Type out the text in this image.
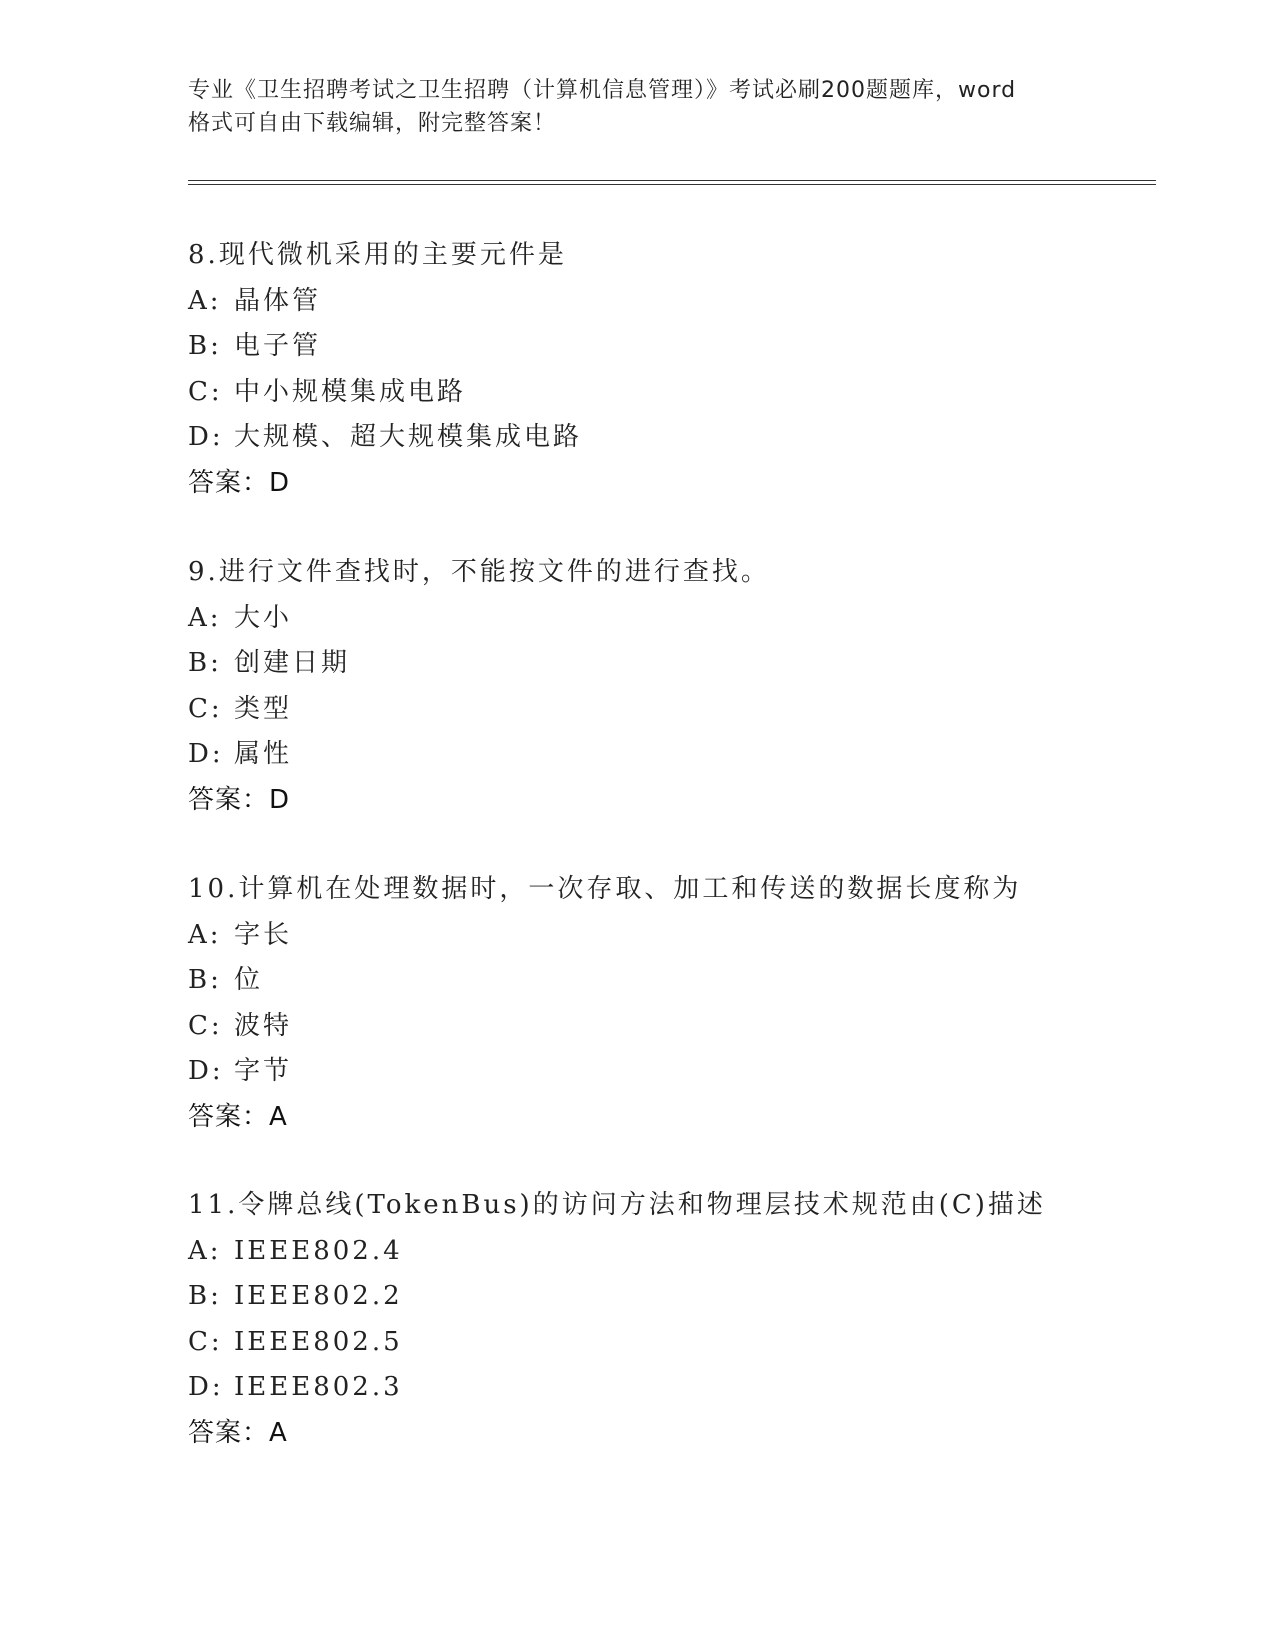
专业《卫生招聘考试之卫生招聘（计算机信息管理）》考试必刷200题题库，word
格式可自由下载编辑，附完整答案！
8.现代微机采用的主要元件是
A: 晶体管
B: 电子管
C: 中小规模集成电路
D: 大规模、超大规模集成电路
答案：D
9.进行文件查找时，不能按文件的进行查找。
A: 大小
B: 创建日期
C: 类型
D: 属性
答案：D
10.计算机在处理数据时，一次存取、加工和传送的数据长度称为
A: 字长
B: 位
C: 波特
D: 字节
答案：A
11.令牌总线(TokenBus)的访问方法和物理层技术规范由(C)描述
A: IEEE802.4
B: IEEE802.2
C: IEEE802.5
D: IEEE802.3
答案：A
